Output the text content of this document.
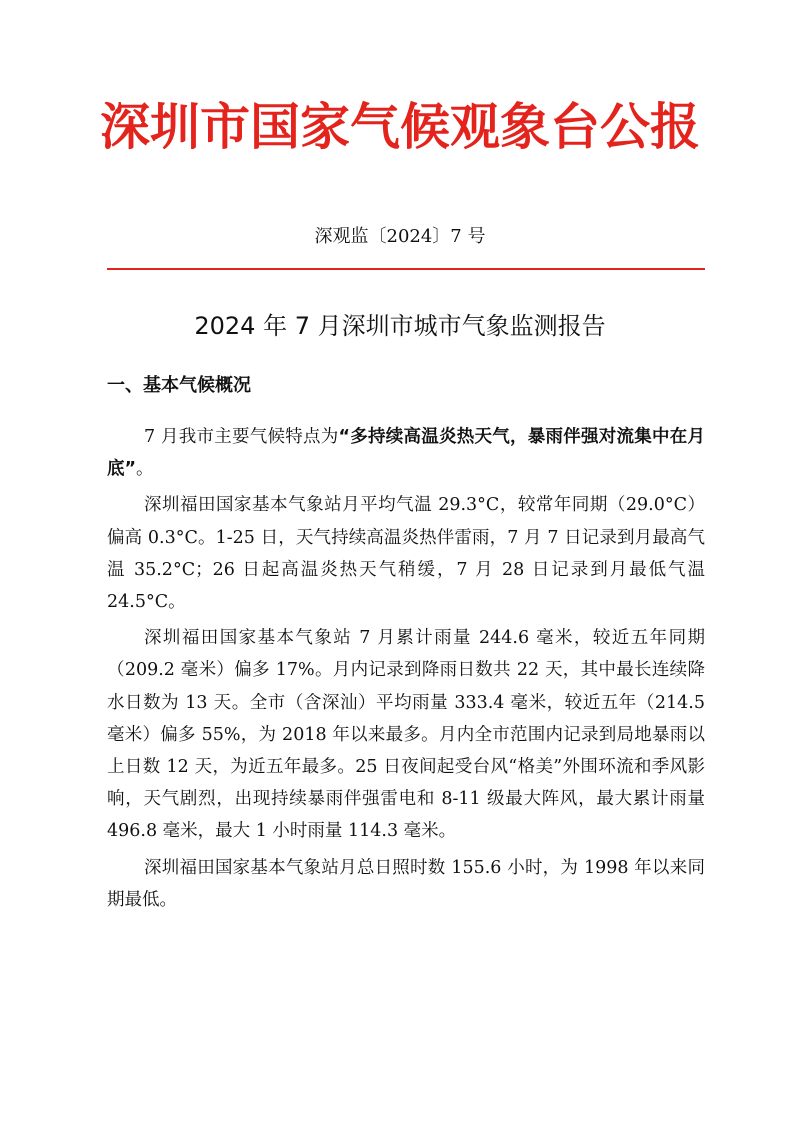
深圳市国家气候观象台公报
深观监〔2024〕7 号
2024 年 7 月深圳市城市气象监测报告
一、基本气候概况

7 月我市主要气候特点为“多持续高温炎热天气，暴雨伴强对流集中在月底”。

深圳福田国家基本气象站月平均气温 29.3°C，较常年同期（29.0°C）偏高 0.3°C。1-25 日，天气持续高温炎热伴雷雨，7 月 7 日记录到月最高气温 35.2°C；26 日起高温炎热天气稍缓，7 月 28 日记录到月最低气温 24.5°C。

深圳福田国家基本气象站 7 月累计雨量 244.6 毫米，较近五年同期（209.2 毫米）偏多 17%。月内记录到降雨日数共 22 天，其中最长连续降水日数为 13 天。全市（含深汕）平均雨量 333.4 毫米，较近五年（214.5 毫米）偏多 55%，为 2018 年以来最多。月内全市范围内记录到局地暴雨以上日数 12 天，为近五年最多。25 日夜间起受台风“格美”外围环流和季风影响，天气剧烈，出现持续暴雨伴强雷电和 8-11 级最大阵风，最大累计雨量 496.8 毫米，最大 1 小时雨量 114.3 毫米。

深圳福田国家基本气象站月总日照时数 155.6 小时，为 1998 年以来同期最低。
